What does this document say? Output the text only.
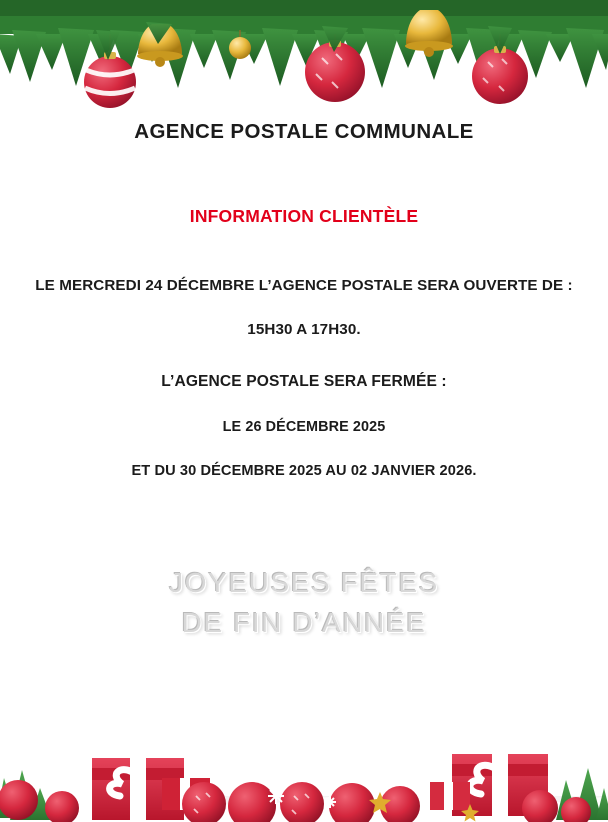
AGENCE POSTALE COMMUNALE
INFORMATION CLIENTÈLE

LE MERCREDI 24 DÉCEMBRE L’AGENCE POSTALE SERA OUVERTE DE :

15H30 A 17H30.

L’AGENCE POSTALE SERA FERMÉE :

LE 26 DÉCEMBRE 2025

ET DU 30 DÉCEMBRE 2025 AU 02 JANVIER 2026.

JOYEUSES FÊTES

DE FIN D’ANNÉE
